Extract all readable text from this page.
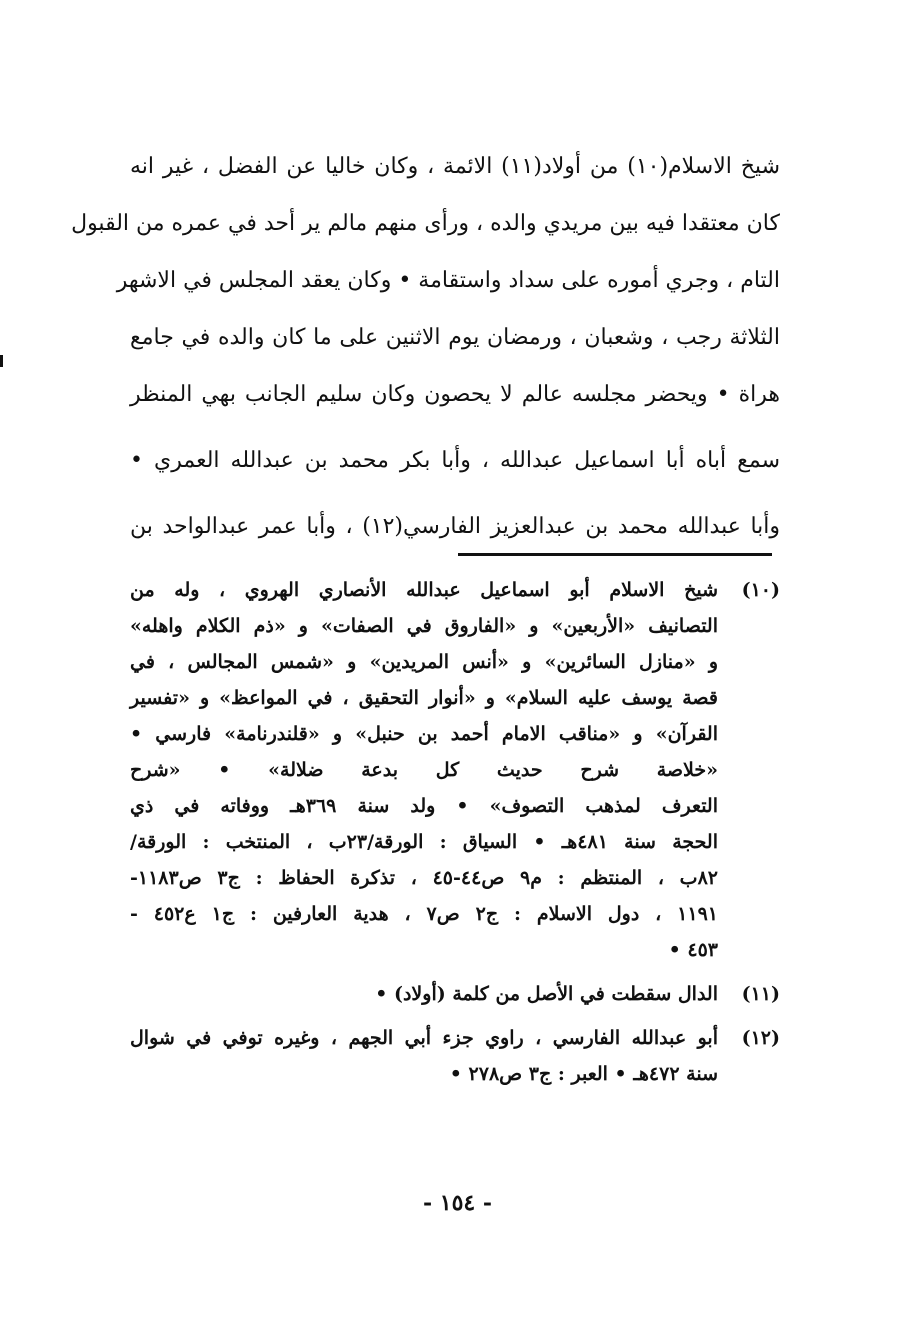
شيخ الاسلام(١٠) من أولاد(١١) الائمة ، وكان خاليا عن الفضل ، غير انه
كان معتقدا فيه بين مريدي والده ، ورأى منهم مالم ير أحد في عمره من القبول
التام ، وجري أموره على سداد واستقامة • وكان يعقد المجلس في الاشهر
الثلاثة رجب ، وشعبان ، ورمضان يوم الاثنين على ما كان والده في جامع
هراة • ويحضر مجلسه عالم لا يحصون وكان سليم الجانب بهي المنظر
سمع أباه أبا اسماعيل عبدالله ، وأبا بكر محمد بن عبدالله العمري •
وأبا عبدالله محمد بن عبدالعزيز الفارسي(١٢) ، وأبا عمر عبدالواحد بن
(١٠)
شيخ الاسلام أبو اسماعيل عبدالله الأنصاري الهروي ، وله من
التصانيف «الأربعين» و «الفاروق في الصفات» و «ذم الكلام واهله»
و «منازل السائرين» و «أنس المريدين» و «شمس المجالس ، في
قصة يوسف عليه السلام» و «أنوار التحقيق ، في المواعظ» و «تفسير
القرآن» و «مناقب الامام أحمد بن حنبل» و «قلندرنامة» فارسي •
«خلاصة شرح حديث كل بدعة ضلالة» • «شرح
التعرف لمذهب التصوف» • ولد سنة ٣٦٩هـ ووفاته في ذي
الحجة سنة ٤٨١هـ • السياق : الورقة/٢٣ب ، المنتخب : الورقة/
٨٢ب ، المنتظم : م٩ ص٤٤-٤٥ ، تذكرة الحفاظ : ج٣ ص١١٨٣-
١١٩١ ، دول الاسلام : ج٢ ص٧ ، هدية العارفين : ج١ ع٤٥٢ -
٤٥٣ •
(١١)
الدال سقطت في الأصل من كلمة (أولاد) •
(١٢)
أبو عبدالله الفارسي ، راوي جزء أبي الجهم ، وغيره توفي في شوال
سنة ٤٧٢هـ • العبر : ج٣ ص٢٧٨ •
- ١٥٤ -
